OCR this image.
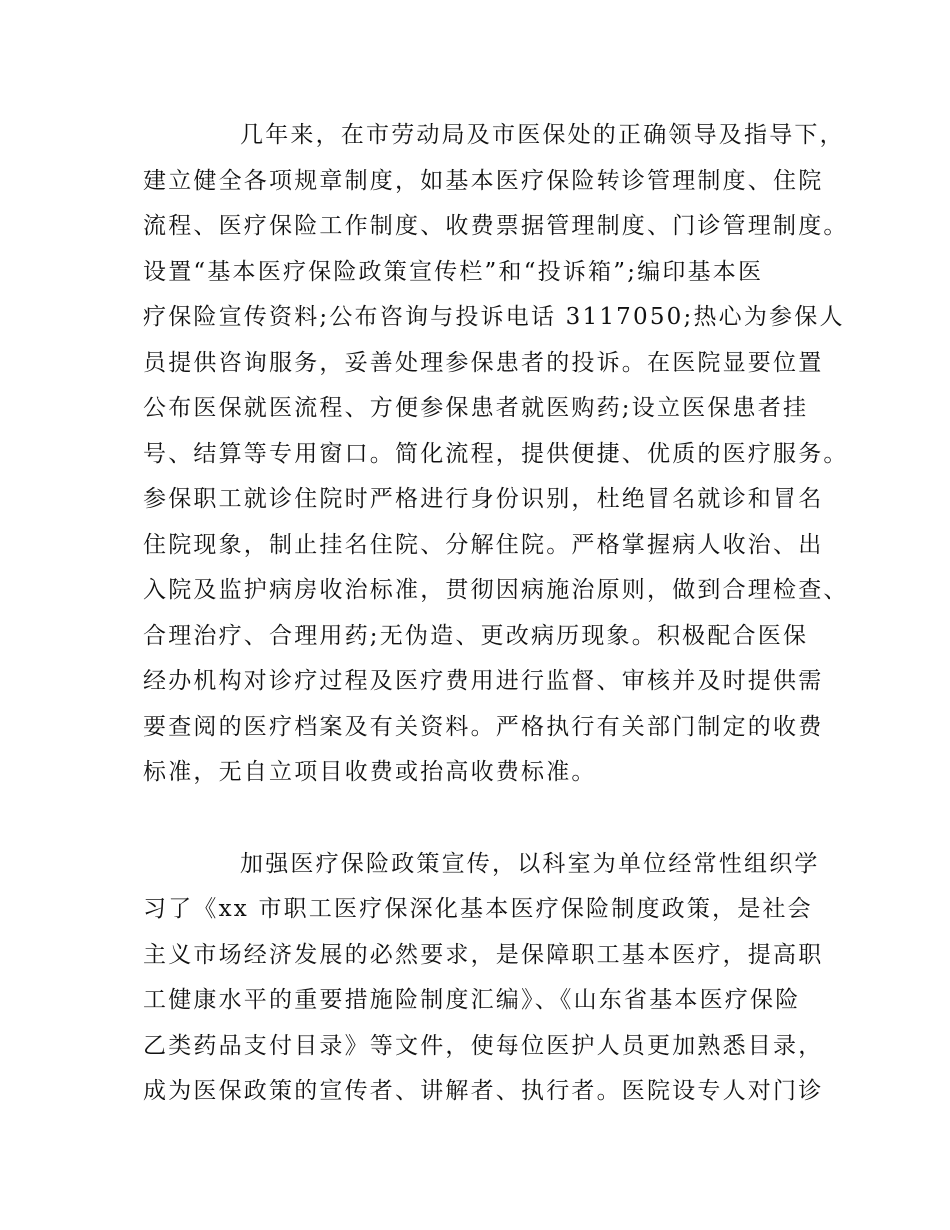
几年来，在市劳动局及市医保处的正确领导及指导下，
建立健全各项规章制度，如基本医疗保险转诊管理制度、住院
流程、医疗保险工作制度、收费票据管理制度、门诊管理制度。
设置“基本医疗保险政策宣传栏”和“投诉箱”;编印基本医
疗保险宣传资料;公布咨询与投诉电话 3117050;热心为参保人
员提供咨询服务，妥善处理参保患者的投诉。在医院显要位置
公布医保就医流程、方便参保患者就医购药;设立医保患者挂
号、结算等专用窗口。简化流程，提供便捷、优质的医疗服务。
参保职工就诊住院时严格进行身份识别，杜绝冒名就诊和冒名
住院现象，制止挂名住院、分解住院。严格掌握病人收治、出
入院及监护病房收治标准，贯彻因病施治原则，做到合理检查、
合理治疗、合理用药;无伪造、更改病历现象。积极配合医保
经办机构对诊疗过程及医疗费用进行监督、审核并及时提供需
要查阅的医疗档案及有关资料。严格执行有关部门制定的收费
标准，无自立项目收费或抬高收费标准。
加强医疗保险政策宣传，以科室为单位经常性组织学
习了《xx 市职工医疗保深化基本医疗保险制度政策，是社会
主义市场经济发展的必然要求，是保障职工基本医疗，提高职
工健康水平的重要措施险制度汇编》、《山东省基本医疗保险
乙类药品支付目录》等文件，使每位医护人员更加熟悉目录，
成为医保政策的宣传者、讲解者、执行者。医院设专人对门诊
